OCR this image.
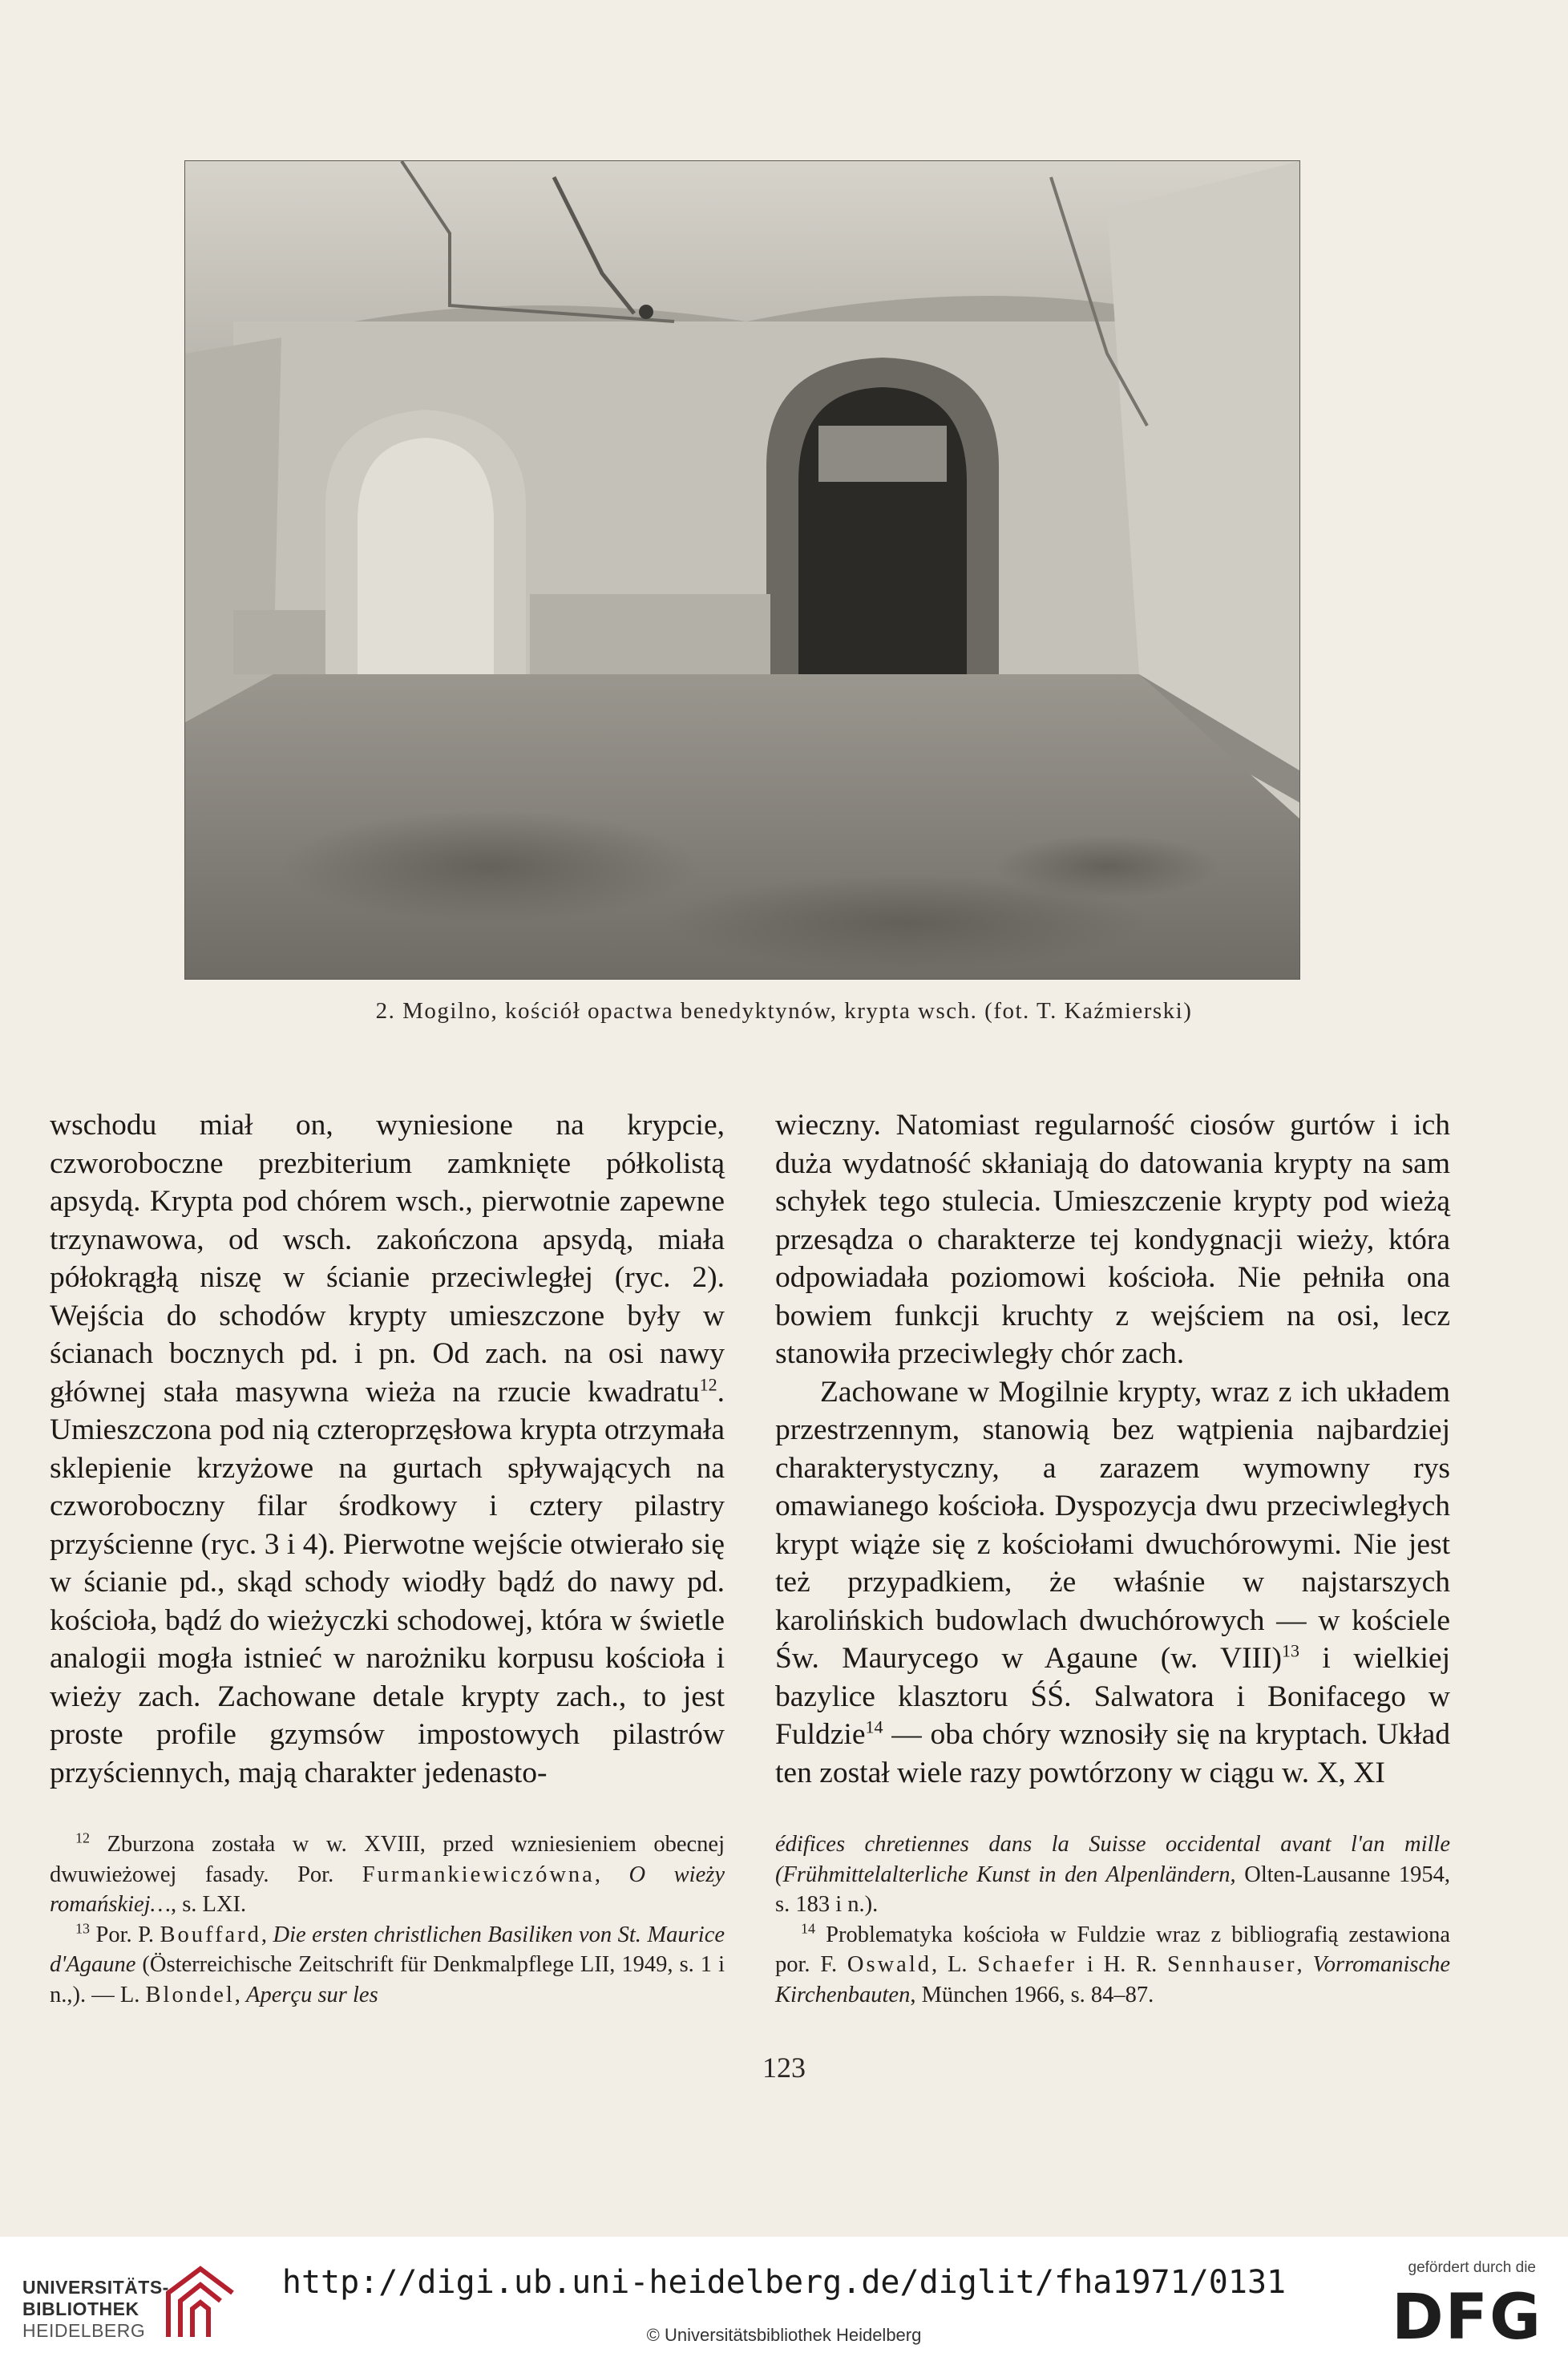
2. Mogilno, kościół opactwa benedyktynów, krypta wsch. (fot. T. Kaźmierski)

wschodu miał on, wyniesione na krypcie, czworoboczne prezbiterium zamknięte półkolistą apsydą. Krypta pod chórem wsch., pierwotnie zapewne trzynawowa, od wsch. zakończona apsydą, miała półokrągłą niszę w ścianie przeciwległej (ryc. 2). Wejścia do schodów krypty umieszczone były w ścianach bocznych pd. i pn. Od zach. na osi nawy głównej stała masywna wieża na rzucie kwadratu$^{12}$. Umieszczona pod nią czteroprzęsłowa krypta otrzymała sklepienie krzyżowe na gurtach spływających na czworoboczny filar środkowy i cztery pilastry przyścienne (ryc. 3 i 4). Pierwotne wejście otwierało się w ścianie pd., skąd schody wiodły bądź do nawy pd. kościoła, bądź do wieżyczki schodowej, która w świetle analogii mogła istnieć w narożniku korpusu kościoła i wieży zach. Zachowane detale krypty zach., to jest proste profile gzymsów impostowych pilastrów przyściennych, mają charakter jedenasto-

wieczny. Natomiast regularność ciosów gurtów i ich duża wydatność skłaniają do datowania krypty na sam schyłek tego stulecia. Umieszczenie krypty pod wieżą przesądza o charakterze tej kondygnacji wieży, która odpowiadała poziomowi kościoła. Nie pełniła ona bowiem funkcji kruchty z wejściem na osi, lecz stanowiła przeciwległy chór zach.

Zachowane w Mogilnie krypty, wraz z ich układem przestrzennym, stanowią bez wątpienia najbardziej charakterystyczny, a zarazem wymowny rys omawianego kościoła. Dyspozycja dwu przeciwległych krypt wiąże się z kościołami dwuchórowymi. Nie jest też przypadkiem, że właśnie w najstarszych karolińskich budowlach dwuchórowych — w kościele Św. Maurycego w Agaune (w. VIII)$^{13}$ i wielkiej bazylice klasztoru ŚŚ. Salwatora i Bonifacego w Fuldzie$^{14}$ — oba chóry wznosiły się na kryptach. Układ ten został wiele razy powtórzony w ciągu w. X, XI

$^{12}$ Zburzona została w w. XVIII, przed wzniesieniem obecnej dwuwieżowej fasady. Por. Furmankiewiczówna, O wieży romańskiej…, s. LXI.

$^{13}$ Por. P. Bouffard, Die ersten christlichen Basiliken von St. Maurice d'Agaune (Österreichische Zeitschrift für Denkmalpflege LII, 1949, s. 1 i n.,). — L. Blondel, Aperçu sur les

édifices chretiennes dans la Suisse occidental avant l'an mille (Frühmittelalterliche Kunst in den Alpenländern, Olten-Lausanne 1954, s. 183 i n.).

$^{14}$ Problematyka kościoła w Fuldzie wraz z bibliografią zestawiona por. F. Oswald, L. Schaefer i H. R. Sennhauser, Vorromanische Kirchenbauten, München 1966, s. 84–87.

123
UNIVERSITÄTS-
BIBLIOTHEK
HEIDELBERG
http://digi.ub.uni-heidelberg.de/diglit/fha1971/0131
© Universitätsbibliothek Heidelberg
gefördert durch die
DFG
